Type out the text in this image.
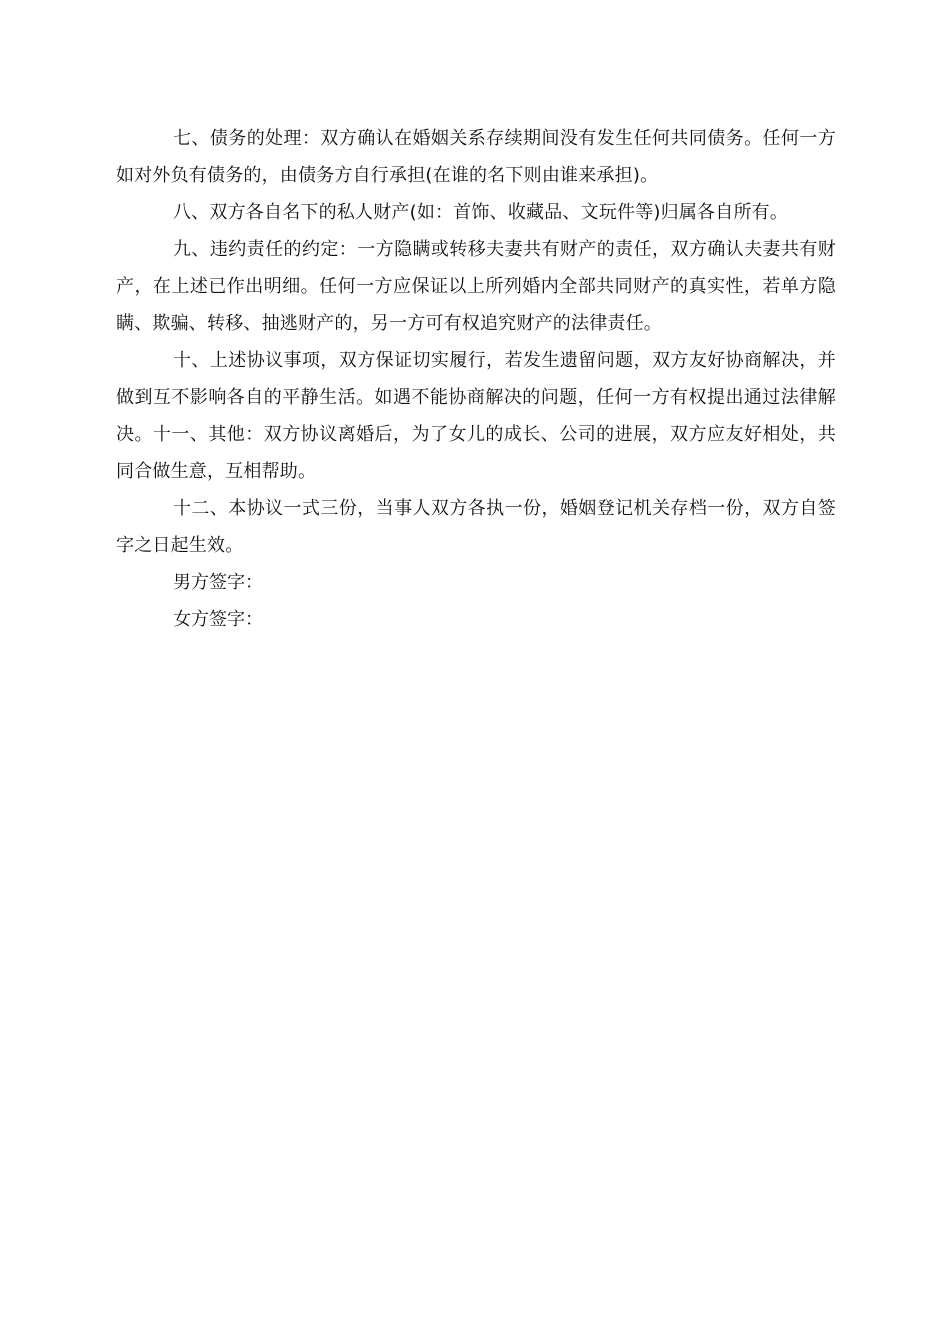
七、债务的处理：双方确认在婚姻关系存续期间没有发生任何共同债务。任何一方如对外负有债务的，由债务方自行承担(在谁的名下则由谁来承担)。

八、双方各自名下的私人财产(如：首饰、收藏品、文玩件等)归属各自所有。

九、违约责任的约定：一方隐瞒或转移夫妻共有财产的责任，双方确认夫妻共有财产，在上述已作出明细。任何一方应保证以上所列婚内全部共同财产的真实性，若单方隐瞒、欺骗、转移、抽逃财产的，另一方可有权追究财产的法律责任。

十、上述协议事项，双方保证切实履行，若发生遗留问题，双方友好协商解决，并做到互不影响各自的平静生活。如遇不能协商解决的问题，任何一方有权提出通过法律解决。十一、其他：双方协议离婚后，为了女儿的成长、公司的进展，双方应友好相处，共同合做生意，互相帮助。

十二、本协议一式三份，当事人双方各执一份，婚姻登记机关存档一份，双方自签字之日起生效。

男方签字：

女方签字：
